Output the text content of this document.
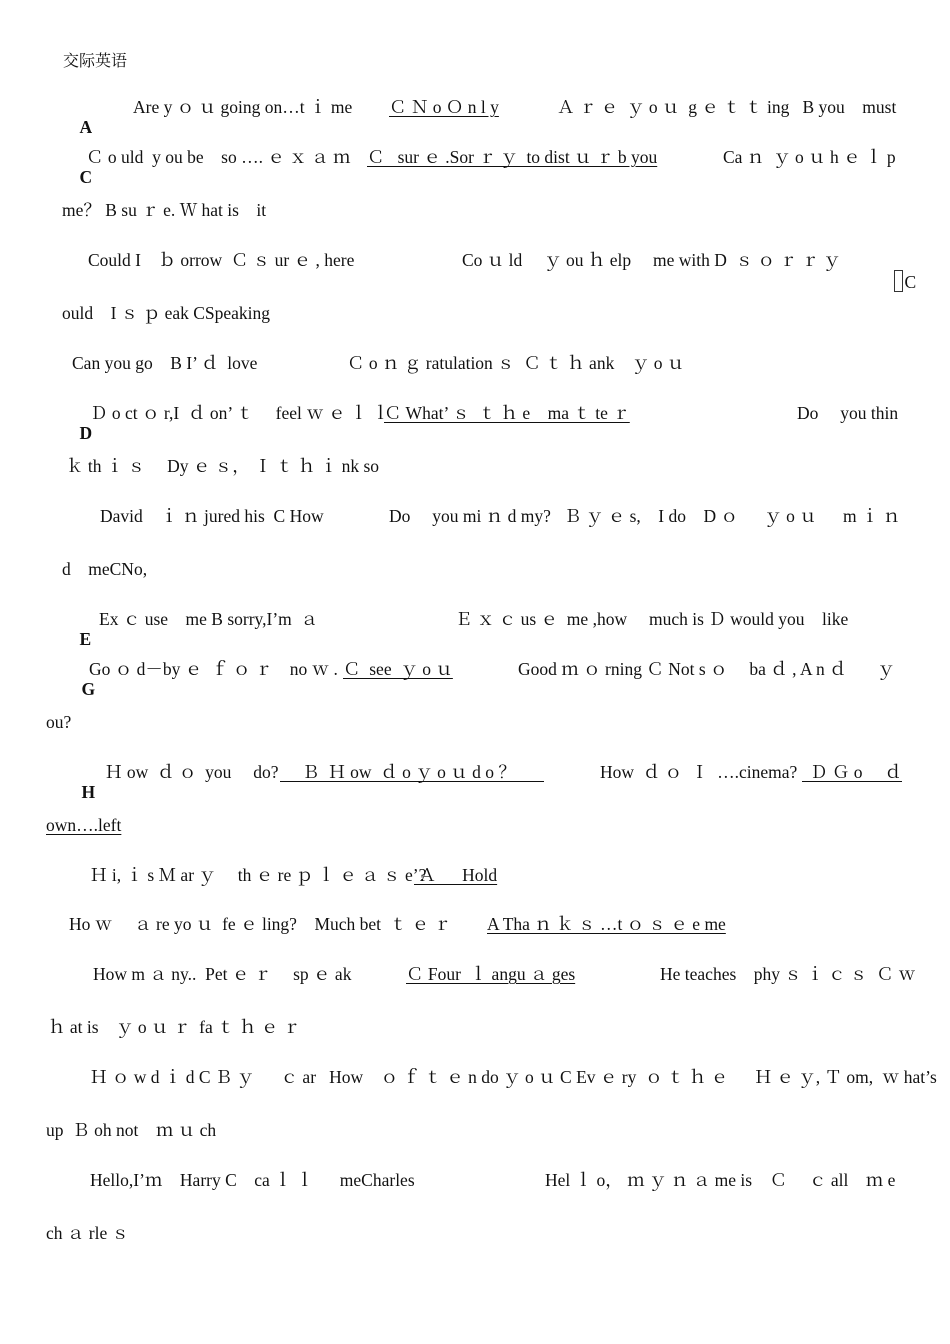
交际英语

A

Are y ｏ ｕ going on…t ｉ me Ｃ Ｎ o Ｏ n l y	Ａ ｒ ｅ  ｙ o ｕ  g ｅ ｔ ｔ ing   B you    must

C

Ｃ o uld  y ou be    so …. ｅ ｘ ａ ｍ Ｃ   sur ｅ .Sor ｒ ｙ  to dist ｕ ｒ b you	Ca ｎ  ｙ o ｕ h ｅ ｌ p
me？ B su ｒ e. Ｗ hat is    it
Could I    ｂ orrow  Ｃ ｓ ur ｅ , here	Co ｕ ld     ｙ ou ｈ elp     me with D  ｓ ｏ ｒ ｒ ｙ

C

ould    I ｓ ｐ eak CSpeaking
Can you go    B I’ ｄ  love	Ｃ o ｎ ｇ ratulation ｓ  Ｃ ｔ ｈ ank    ｙ o ｕ

D

Ｄ o ct ｏ r,I  ｄ on’ ｔ     feel ｗ ｅ ｌ ｌ
Ｃ What’ ｓ  ｔ ｈ e    ma ｔ te ｒ	Do     you thin
ｋ th ｉ ｓ     Dy ｅ ｓ， Ｉ ｔ ｈ ｉ nk so
David    ｉ ｎ jured his  C How	Do     you mi ｎ d my?   Ｂ ｙ ｅ s,    I do    D ｏ      ｙ o ｕ      m ｉ ｎ
d    meCNo,

E

Ex ｃ use    me B sorry,I’m  ａ	Ｅ ｘ ｃ us ｅ  me ,how     much is Ｄ would you    like

G

Go ｏ d－by ｅ  ｆ ｏ ｒ    no ｗ . Ｃ  see  ｙ o ｕ	Good ｍ ｏ rning Ｃ Not s ｏ     ba ｄ , A n ｄ       ｙ
ou?

H

Ｈ ow  ｄ ｏ  you     do?	Ｂ  Ｈ ow  ｄ o ｙ o ｕ d o ？	How  ｄ ｏ  Ｉ  ….cinema? Ｄ Ｇ o     ｄ
own….left
Ｈ i, ｉ s Ｍ ar ｙ     th ｅ re ｐ ｌ ｅ ａ ｓ e’?
Ａ      Hold
Ho ｗ     ａ re yo ｕ  fe ｅ ling?    Much bet  ｔ ｅ ｒ A Tha ｎ ｋ ｓ …t ｏ ｓ ｅ e me
How m ａ ny..  Pet ｅ ｒ     sp ｅ ak	Ｃ Four  ｌ angu ａ ges	He teaches    phy ｓ ｉ ｃ ｓ  Ｃ ｗ
ｈ at is    ｙ o ｕ ｒ  fa ｔ ｈ ｅ ｒ
Ｈ ｏ w d ｉ d C Ｂ ｙ      ｃ ar   How    ｏ ｆ ｔ ｅ n do ｙ o ｕ C Ev ｅ ry  ｏ ｔ ｈ ｅ      Ｈ ｅ ｙ, Ｔ om,  ｗ hat’s
up  Ｂ oh not    ｍ ｕ ch
Hello,I’ｍ    Harry C    ca ｌ ｌ      meCharles	Hel ｌ o， ｍ ｙ ｎ ａ me is    Ｃ     ｃ all    ｍ e
ch ａ rle ｓ
